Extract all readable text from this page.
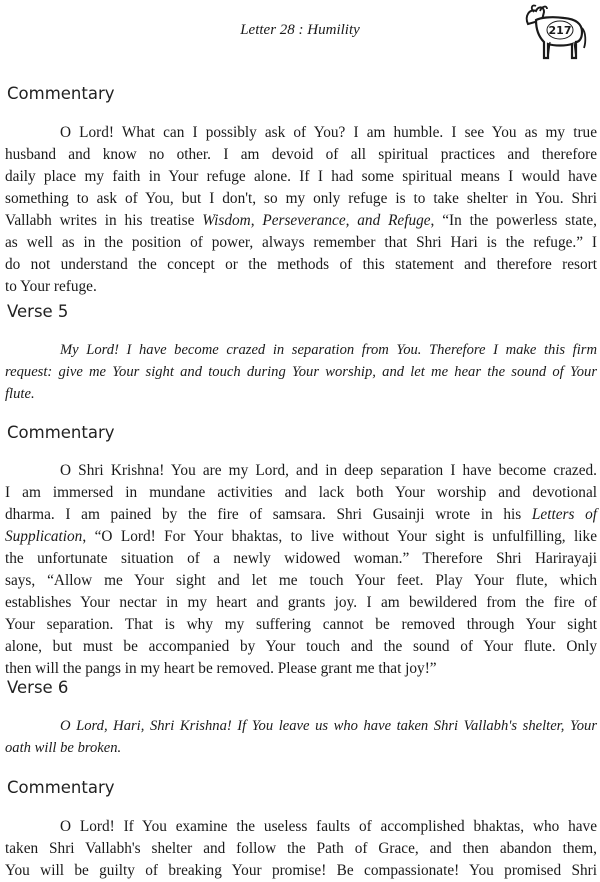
Letter 28 : Humility	217
Commentary
O Lord! What can I possibly ask of You? I am humble. I see You as my true
husband and know no other. I am devoid of all spiritual practices and therefore
daily place my faith in Your refuge alone. If I had some spiritual means I would have
something to ask of You, but I don't, so my only refuge is to take shelter in You. Shri
Vallabh writes in his treatise Wisdom, Perseverance, and Refuge, “In the powerless state,
as well as in the position of power, always remember that Shri Hari is the refuge.” I
do not understand the concept or the methods of this statement and therefore resort
to Your refuge.
Verse 5
My Lord! I have become crazed in separation from You. Therefore I make this firm
request: give me Your sight and touch during Your worship, and let me hear the sound of Your
flute.
Commentary
O Shri Krishna! You are my Lord, and in deep separation I have become crazed.
I am immersed in mundane activities and lack both Your worship and devotional
dharma. I am pained by the fire of samsara. Shri Gusainji wrote in his Letters of
Supplication, “O Lord! For Your bhaktas, to live without Your sight is unfulfilling, like
the unfortunate situation of a newly widowed woman.” Therefore Shri Harirayaji
says, “Allow me Your sight and let me touch Your feet. Play Your flute, which
establishes Your nectar in my heart and grants joy. I am bewildered from the fire of
Your separation. That is why my suffering cannot be removed through Your sight
alone, but must be accompanied by Your touch and the sound of Your flute. Only
then will the pangs in my heart be removed. Please grant me that joy!”
Verse 6
O Lord, Hari, Shri Krishna! If You leave us who have taken Shri Vallabh's shelter, Your
oath will be broken.
Commentary
O Lord! If You examine the useless faults of accomplished bhaktas, who have
taken Shri Vallabh's shelter and follow the Path of Grace, and then abandon them,
You will be guilty of breaking Your promise! Be compassionate! You promised Shri
